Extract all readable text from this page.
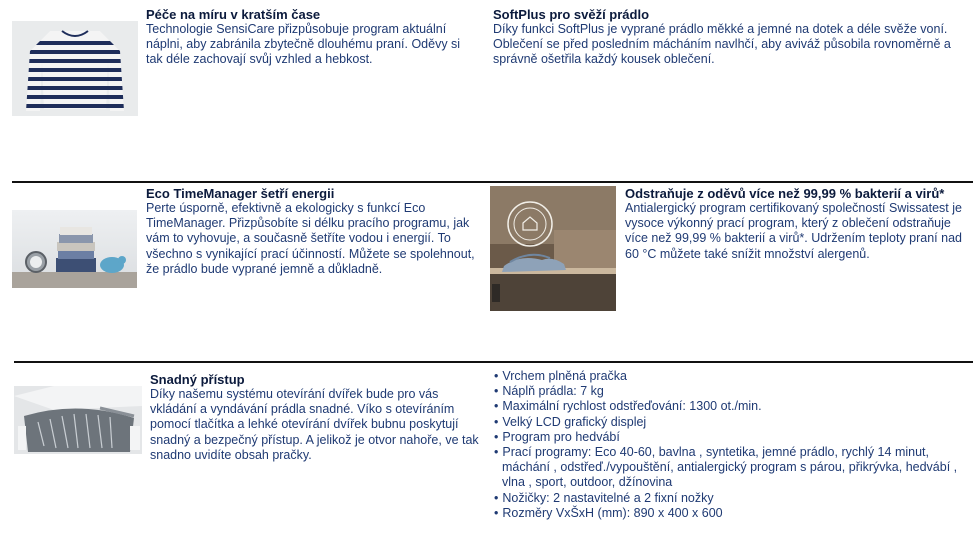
Péče na míru v kratším čase
Technologie SensiCare přizpůsobuje program aktuální náplni, aby zabránila zbytečně dlouhému praní. Oděvy si tak déle zachovají svůj vzhled a hebkost.
SoftPlus pro svěží prádlo
Díky funkci SoftPlus je vyprané prádlo měkké a jemné na dotek a déle svěže voní. Oblečení se před posledním mácháním navlhčí, aby aviváž působila rovnoměrně a správně ošetřila každý kousek oblečení.
Eco TimeManager šetří energii
Perte úsporně, efektivně a ekologicky s funkcí Eco TimeManager. Přizpůsobíte si délku pracího programu, jak vám to vyhovuje, a současně šetříte vodou i energií. To všechno s vynikající prací účinností. Můžete se spolehnout, že prádlo bude vyprané jemně a důkladně.
Odstraňuje z oděvů více než 99,99 % bakterií a virů*
Antialergický program certifikovaný společností Swissatest je vysoce výkonný prací program, který z oblečení odstraňuje více než 99,99 % bakterií a virů*. Udržením teploty praní nad 60 °C můžete také snížit množství alergenů.
Snadný přístup
Díky našemu systému otevírání dvířek bude pro vás vkládání a vyndávání prádla snadné. Víko s otevíráním pomocí tlačítka a lehké otevírání dvířek bubnu poskytují snadný a bezpečný přístup. A jelikož je otvor nahoře, ve tak snadno uvidíte obsah pračky.
• Vrchem plněná pračka
• Náplň prádla: 7 kg
• Maximální rychlost odstřeďování: 1300 ot./min.
• Velký LCD grafický displej
• Program pro hedvábí
• Prací programy: Eco 40-60, bavlna , syntetika, jemné prádlo, rychlý 14 minut, máchání , odstřeď./vypouštění, antialergický program s párou, přikrývka, hedvábí , vlna , sport, outdoor, džínovina
• Nožičky: 2 nastavitelné a 2 fixní nožky
• Rozměry VxŠxH (mm): 890 x 400 x 600
